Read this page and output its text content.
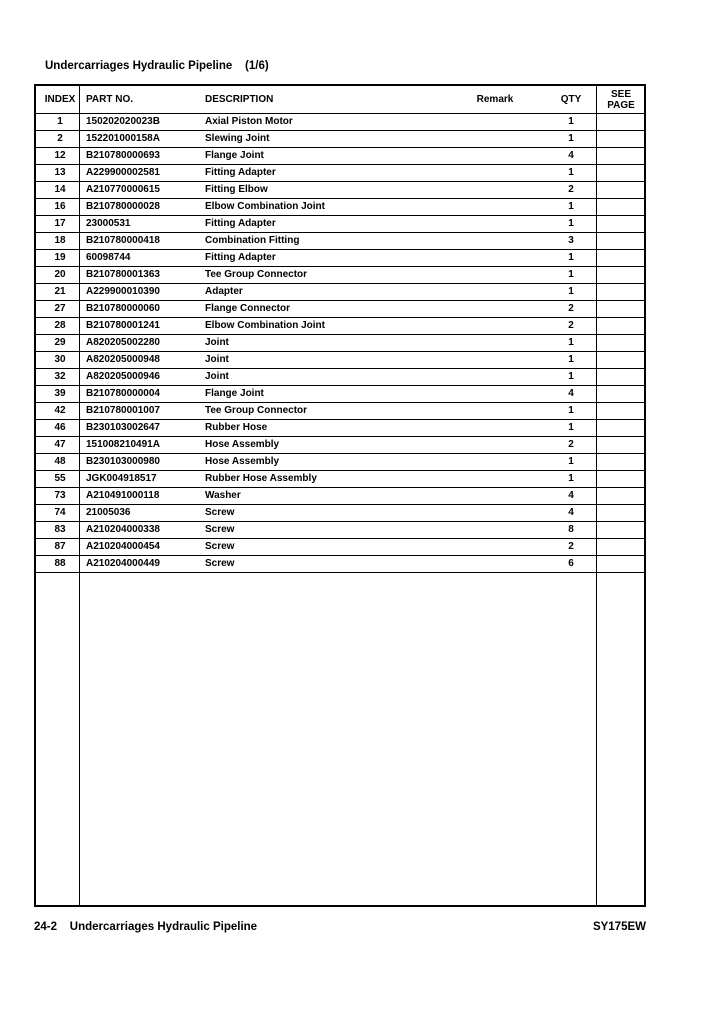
Undercarriages Hydraulic Pipeline    (1/6)
INDEX PART NO.	DESCRIPTION	Remark	QTY	SEE PAGE
1	150202020023B	Axial Piston Motor	1
2	152201000158A	Slewing Joint	1
12	B210780000693	Flange Joint	4
13	A229900002581	Fitting Adapter	1
14	A210770000615	Fitting Elbow	2
16	B210780000028	Elbow Combination Joint	1
17	23000531	Fitting Adapter	1
18	B210780000418	Combination Fitting	3
19	60098744	Fitting Adapter	1
20	B210780001363	Tee Group Connector	1
21	A229900010390	Adapter	1
27	B210780000060	Flange Connector	2
28	B210780001241	Elbow Combination Joint	2
29	A820205002280	Joint	1
30	A820205000948	Joint	1
32	A820205000946	Joint	1
39	B210780000004	Flange Joint	4
42	B210780001007	Tee Group Connector	1
46	B230103002647	Rubber Hose	1
47	151008210491A	Hose Assembly	2
48	B230103000980	Hose Assembly	1
55	JGK004918517	Rubber Hose Assembly	1
73	A210491000118	Washer	4
74	21005036	Screw	4
83	A210204000338	Screw	8
87	A210204000454	Screw	2
88	A210204000449	Screw	6
24-2    Undercarriages Hydraulic Pipeline	SY175EW
